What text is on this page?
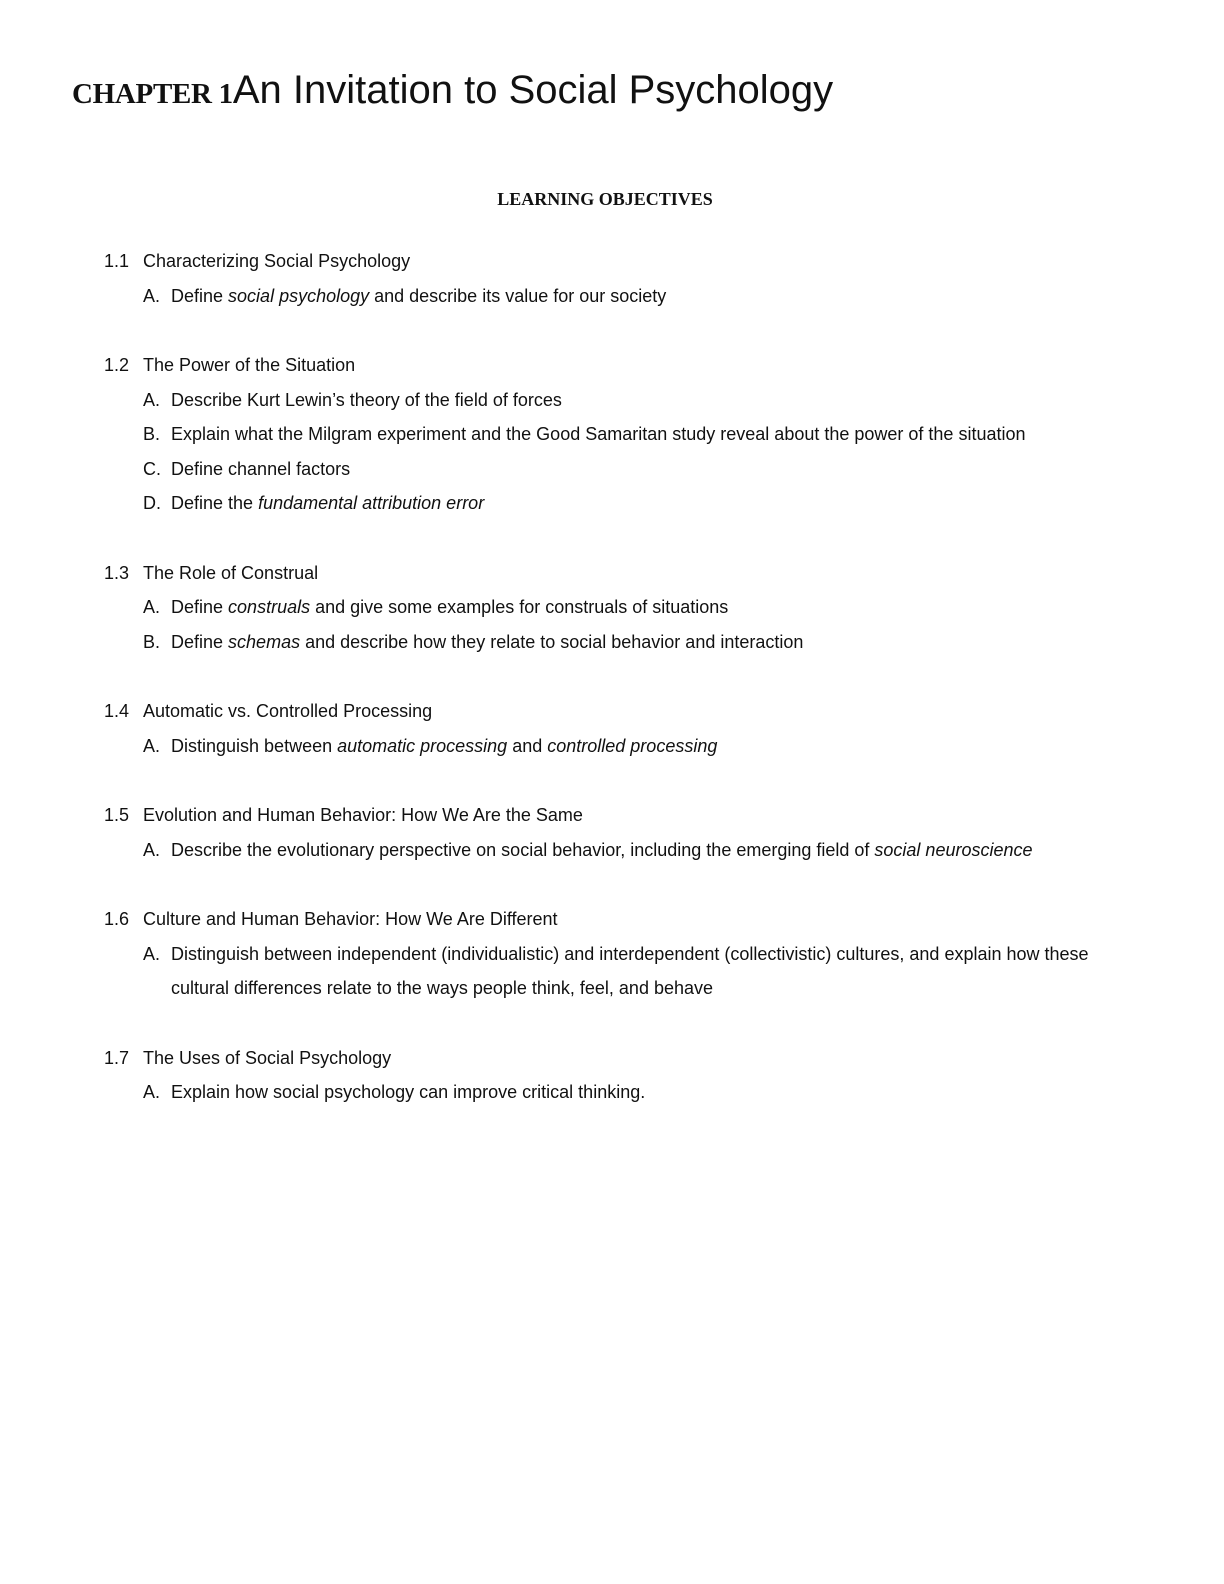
CHAPTER 1An Invitation to Social Psychology
LEARNING OBJECTIVES
1.1 Characterizing Social Psychology
A. Define social psychology and describe its value for our society
1.2 The Power of the Situation
A. Describe Kurt Lewin’s theory of the field of forces
B. Explain what the Milgram experiment and the Good Samaritan study reveal about the power of the situation
C. Define channel factors
D. Define the fundamental attribution error
1.3 The Role of Construal
A. Define construals and give some examples for construals of situations
B. Define schemas and describe how they relate to social behavior and interaction
1.4 Automatic vs. Controlled Processing
A. Distinguish between automatic processing and controlled processing
1.5 Evolution and Human Behavior: How We Are the Same
A. Describe the evolutionary perspective on social behavior, including the emerging field of social neuroscience
1.6 Culture and Human Behavior: How We Are Different
A. Distinguish between independent (individualistic) and interdependent (collectivistic) cultures, and explain how these cultural differences relate to the ways people think, feel, and behave
1.7 The Uses of Social Psychology
A. Explain how social psychology can improve critical thinking.
